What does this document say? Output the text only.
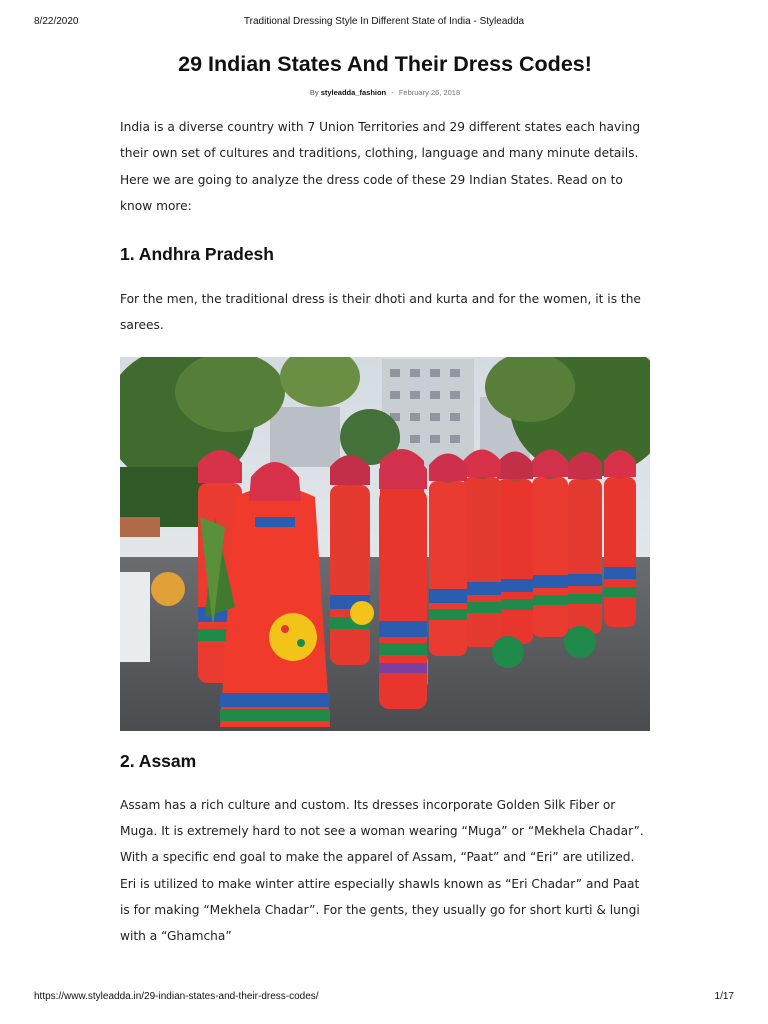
8/22/2020	Traditional Dressing Style In Different State of India - Styleadda
29 Indian States And Their Dress Codes!
By styleadda_fashion - February 26, 2018

India is a diverse country with 7 Union Territories and 29 different states each having their own set of cultures and traditions, clothing, language and many minute details. Here we are going to analyze the dress code of these 29 Indian States. Read on to know more:

1. Andhra Pradesh

For the men, the traditional dress is their dhoti and kurta and for the women, it is the sarees.

2. Assam

Assam has a rich culture and custom. Its dresses incorporate Golden Silk Fiber or Muga. It is extremely hard to not see a woman wearing “Muga” or “Mekhela Chadar”. With a specific end goal to make the apparel of Assam, “Paat” and “Eri” are utilized. Eri is utilized to make winter attire especially shawls known as “Eri Chadar” and Paat is for making “Mekhela Chadar”. For the gents, they usually go for short kurti & lungi with a “Ghamcha”

https://www.styleadda.in/29-indian-states-and-their-dress-codes/	1/17
